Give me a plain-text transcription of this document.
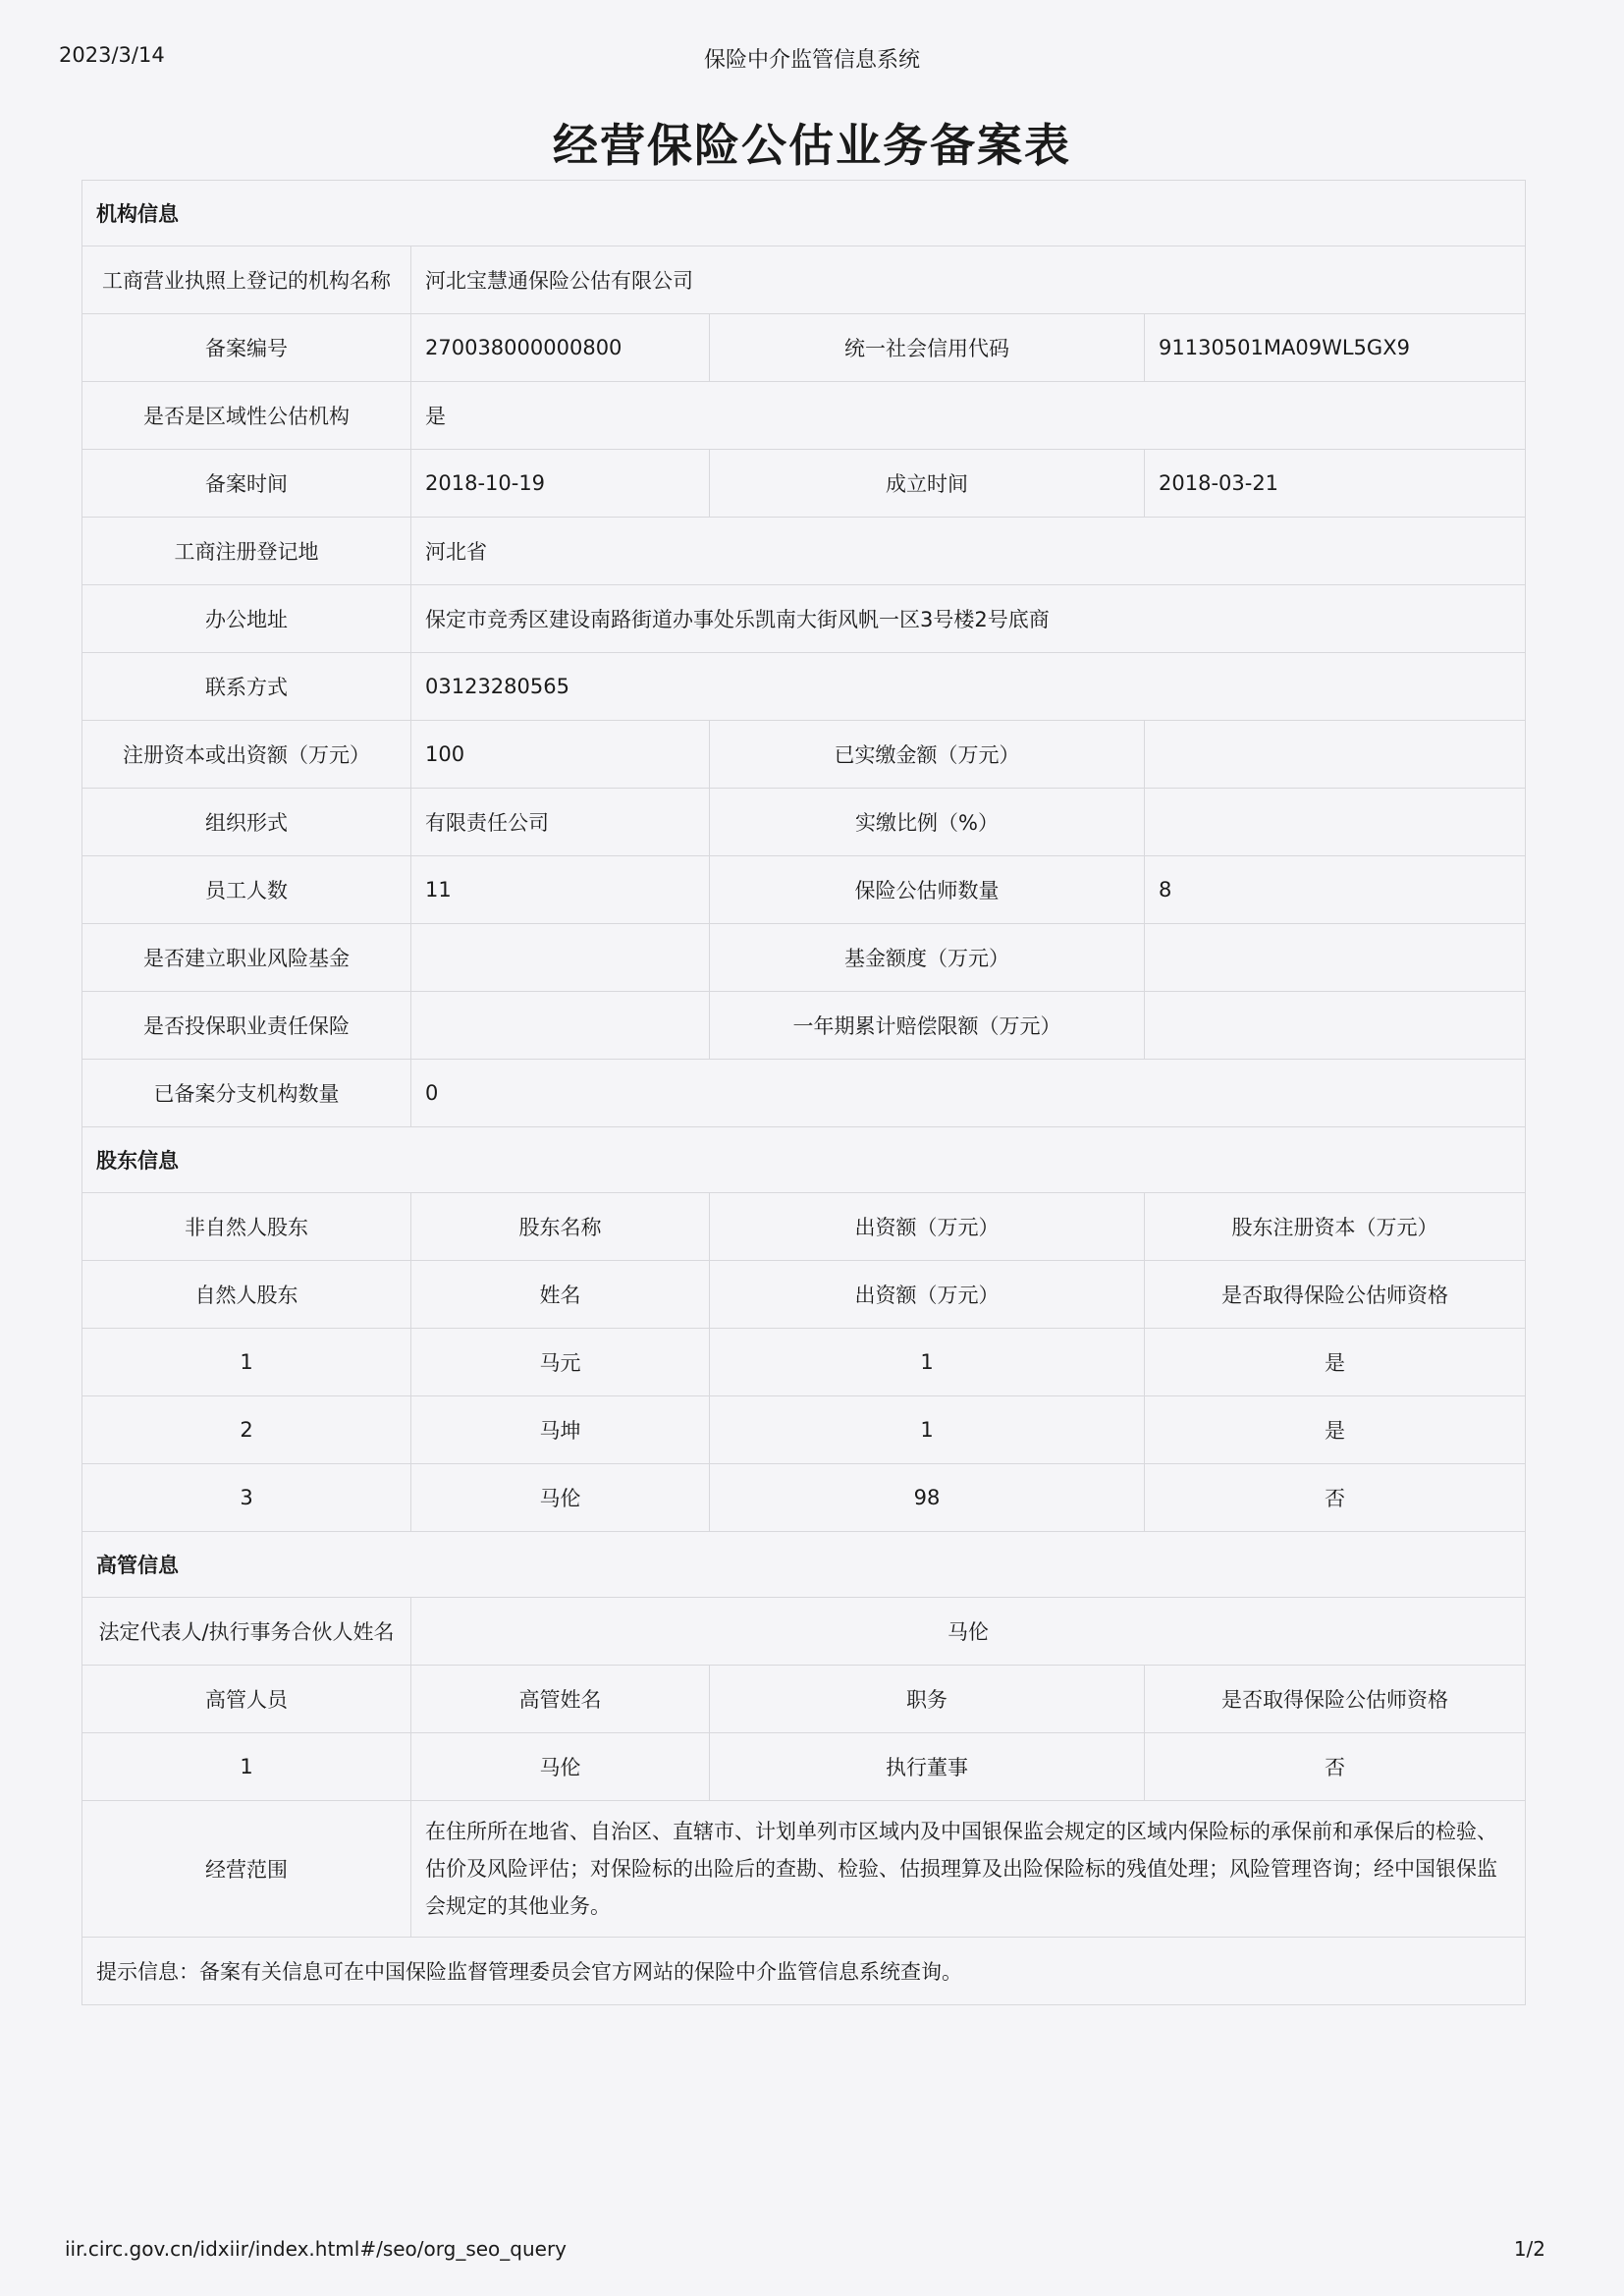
2023/3/14	保险中介监管信息系统
经营保险公估业务备案表
机构信息			
工商营业执照上登记的机构名称	河北宝慧通保险公估有限公司		
备案编号	270038000000800	统一社会信用代码	91130501MA09WL5GX9
是否是区域性公估机构	是		
备案时间	2018-10-19	成立时间	2018-03-21
工商注册登记地	河北省		
办公地址	保定市竞秀区建设南路街道办事处乐凯南大街风帆一区3号楼2号底商		
联系方式	03123280565		
注册资本或出资额（万元）	100	已实缴金额（万元）	
组织形式	有限责任公司	实缴比例（%）	
员工人数	11	保险公估师数量	8
是否建立职业风险基金		基金额度（万元）	
是否投保职业责任保险		一年期累计赔偿限额（万元）	
已备案分支机构数量	0		
股东信息			
非自然人股东	股东名称	出资额（万元）	股东注册资本（万元）
自然人股东	姓名	出资额（万元）	是否取得保险公估师资格
1	马元	1	是
2	马坤	1	是
3	马伦	98	否
高管信息			
法定代表人/执行事务合伙人姓名	马伦		
高管人员	高管姓名	职务	是否取得保险公估师资格
1	马伦	执行董事	否
经营范围	在住所所在地省、自治区、直辖市、计划单列市区域内及中国银保监会规定的区域内保险标的承保前和承保后的检验、估价及风险评估；对保险标的出险后的查勘、检验、估损理算及出险保险标的残值处理；风险管理咨询；经中国银保监会规定的其他业务。		
提示信息：备案有关信息可在中国保险监督管理委员会官方网站的保险中介监管信息系统查询。			
iir.circ.gov.cn/idxiir/index.html#/seo/org_seo_query	1/2
